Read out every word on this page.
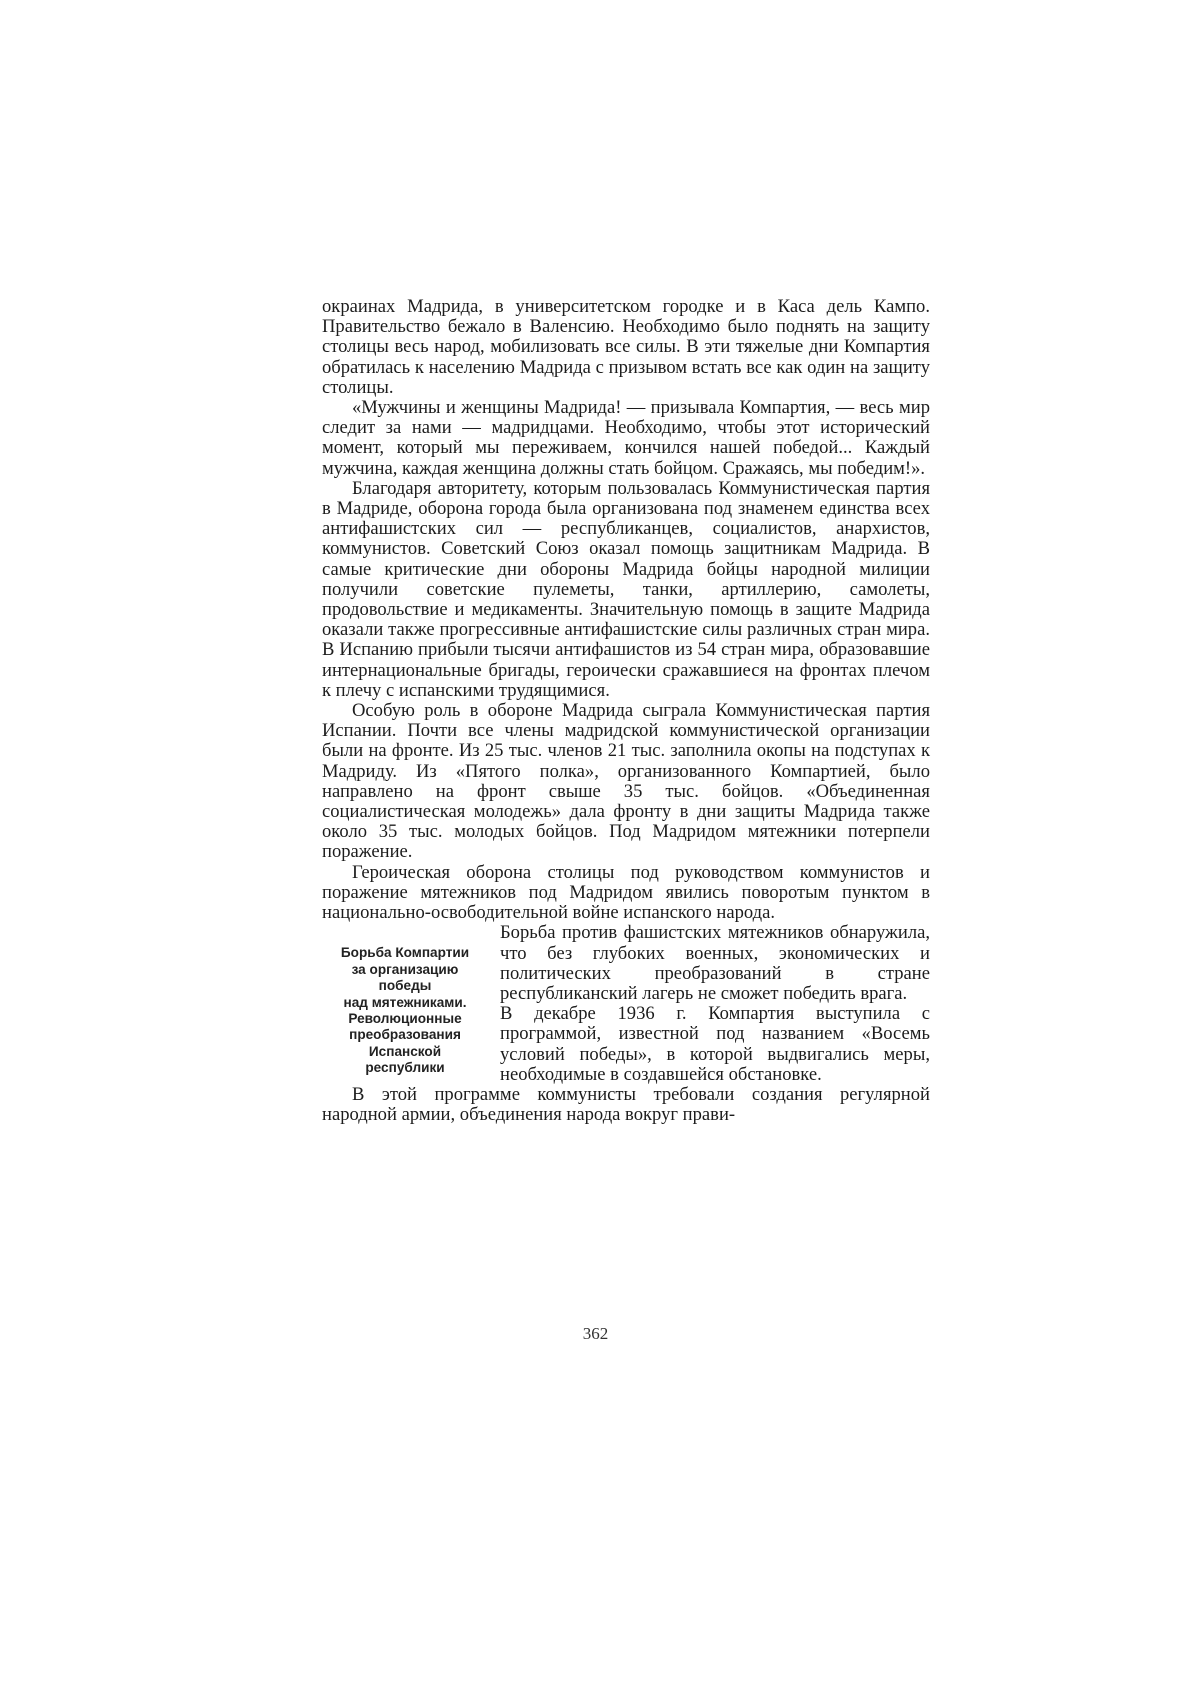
окраинах Мадрида, в университетском городке и в Каса дель Кампо. Правительство бежало в Валенсию. Необходимо было поднять на защиту столицы весь народ, мобилизовать все силы. В эти тяжелые дни Компартия обратилась к населению Мадрида с призывом встать все как один на защиту столицы.

«Мужчины и женщины Мадрида! — призывала Компартия, — весь мир следит за нами — мадридцами. Необходимо, чтобы этот исторический момент, который мы переживаем, кончился нашей победой... Каждый мужчина, каждая женщина должны стать бойцом. Сражаясь, мы победим!».

Благодаря авторитету, которым пользовалась Коммунистическая партия в Мадриде, оборона города была организована под знаменем единства всех антифашистских сил — республиканцев, социалистов, анархистов, коммунистов. Советский Союз оказал помощь защитникам Мадрида. В самые критические дни обороны Мадрида бойцы народной милиции получили советские пулеметы, танки, артиллерию, самолеты, продовольствие и медикаменты. Значительную помощь в защите Мадрида оказали также прогрессивные антифашистские силы различных стран мира. В Испанию прибыли тысячи антифашистов из 54 стран мира, образовавшие интернациональные бригады, героически сражавшиеся на фронтах плечом к плечу с испанскими трудящимися.

Особую роль в обороне Мадрида сыграла Коммунистическая партия Испании. Почти все члены мадридской коммунистической организации были на фронте. Из 25 тыс. членов 21 тыс. заполнила окопы на подступах к Мадриду. Из «Пятого полка», организованного Компартией, было направлено на фронт свыше 35 тыс. бойцов. «Объединенная социалистическая молодежь» дала фронту в дни защиты Мадрида также около 35 тыс. молодых бойцов. Под Мадридом мятежники потерпели поражение.

Героическая оборона столицы под руководством коммунистов и поражение мятежников под Мадридом явились поворотым пунктом в национально-освободительной войне испанского народа.

Борьба Компартии
за организацию
победы
над мятежниками.
Революционные
преобразования
Испанской
республики

Борьба против фашистских мятежников обнаружила, что без глубоких военных, экономических и политических преобразований в стране республиканский лагерь не сможет победить врага.

В декабре 1936 г. Компартия выступила с программой, известной под названием «Восемь условий победы», в которой выдвигались меры, необходимые в создавшейся обстановке.

В этой программе коммунисты требовали создания регулярной народной армии, объединения народа вокруг прави-

362
